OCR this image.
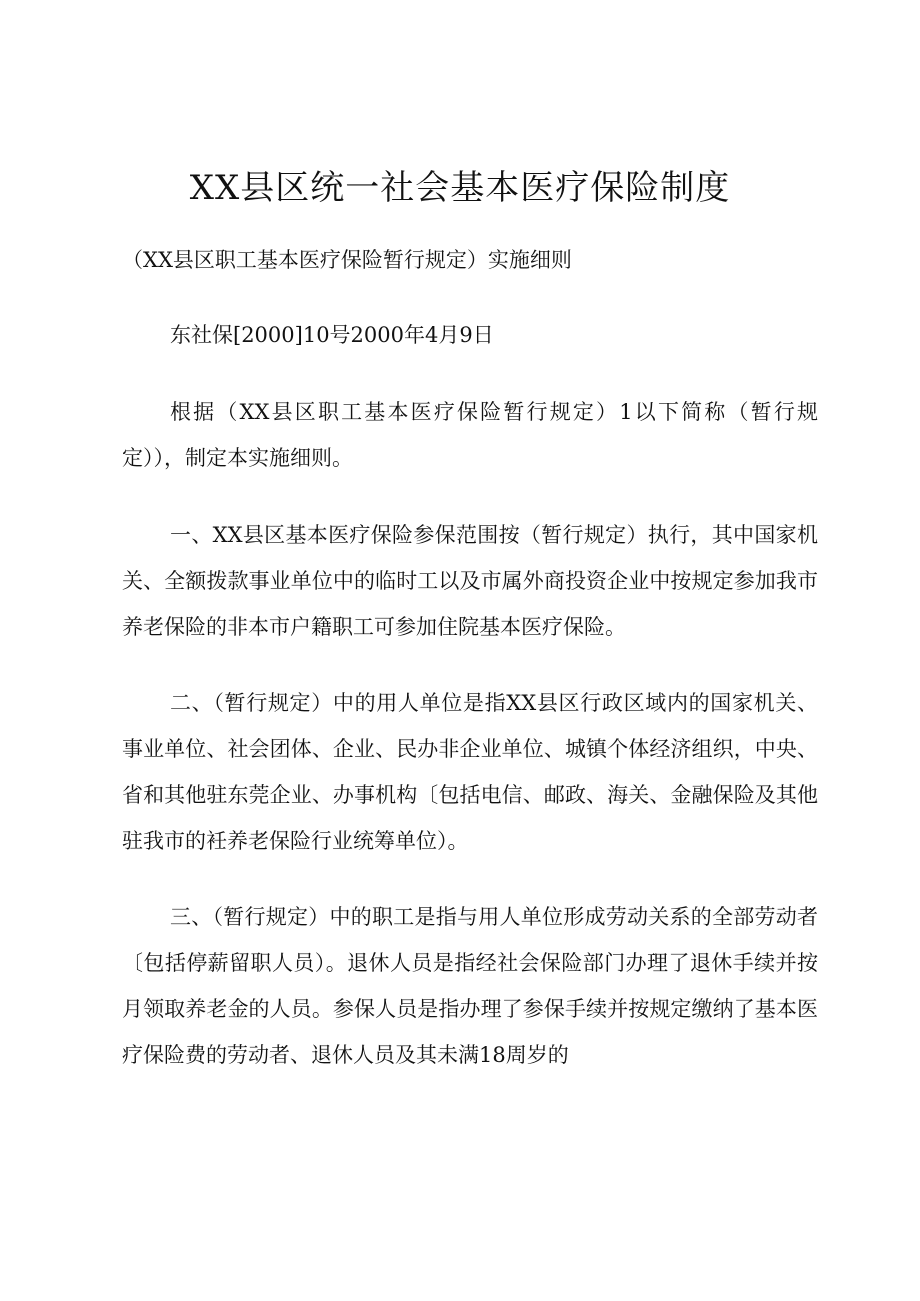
XX县区统一社会基本医疗保险制度
（XX县区职工基本医疗保险暂行规定）实施细则
东社保[2000]10号2000年4月9日
根据（XX县区职工基本医疗保险暂行规定）1以下简称（暂行规定）），制定本实施细则。
一、XX县区基本医疗保险参保范围按（暂行规定）执行，其中国家机关、全额拨款事业单位中的临时工以及市属外商投资企业中按规定参加我市养老保险的非本市户籍职工可参加住院基本医疗保险。
二、（暂行规定）中的用人单位是指XX县区行政区域内的国家机关、事业单位、社会团体、企业、民办非企业单位、城镇个体经济组织，中央、省和其他驻东莞企业、办事机构〔包括电信、邮政、海关、金融保险及其他驻我市的衽养老保险行业统筹单位）。
三、（暂行规定）中的职工是指与用人单位形成劳动关系的全部劳动者〔包括停薪留职人员）。退休人员是指经社会保险部门办理了退休手续并按月领取养老金的人员。参保人员是指办理了参保手续并按规定缴纳了基本医疗保险费的劳动者、退休人员及其未满18周岁的
